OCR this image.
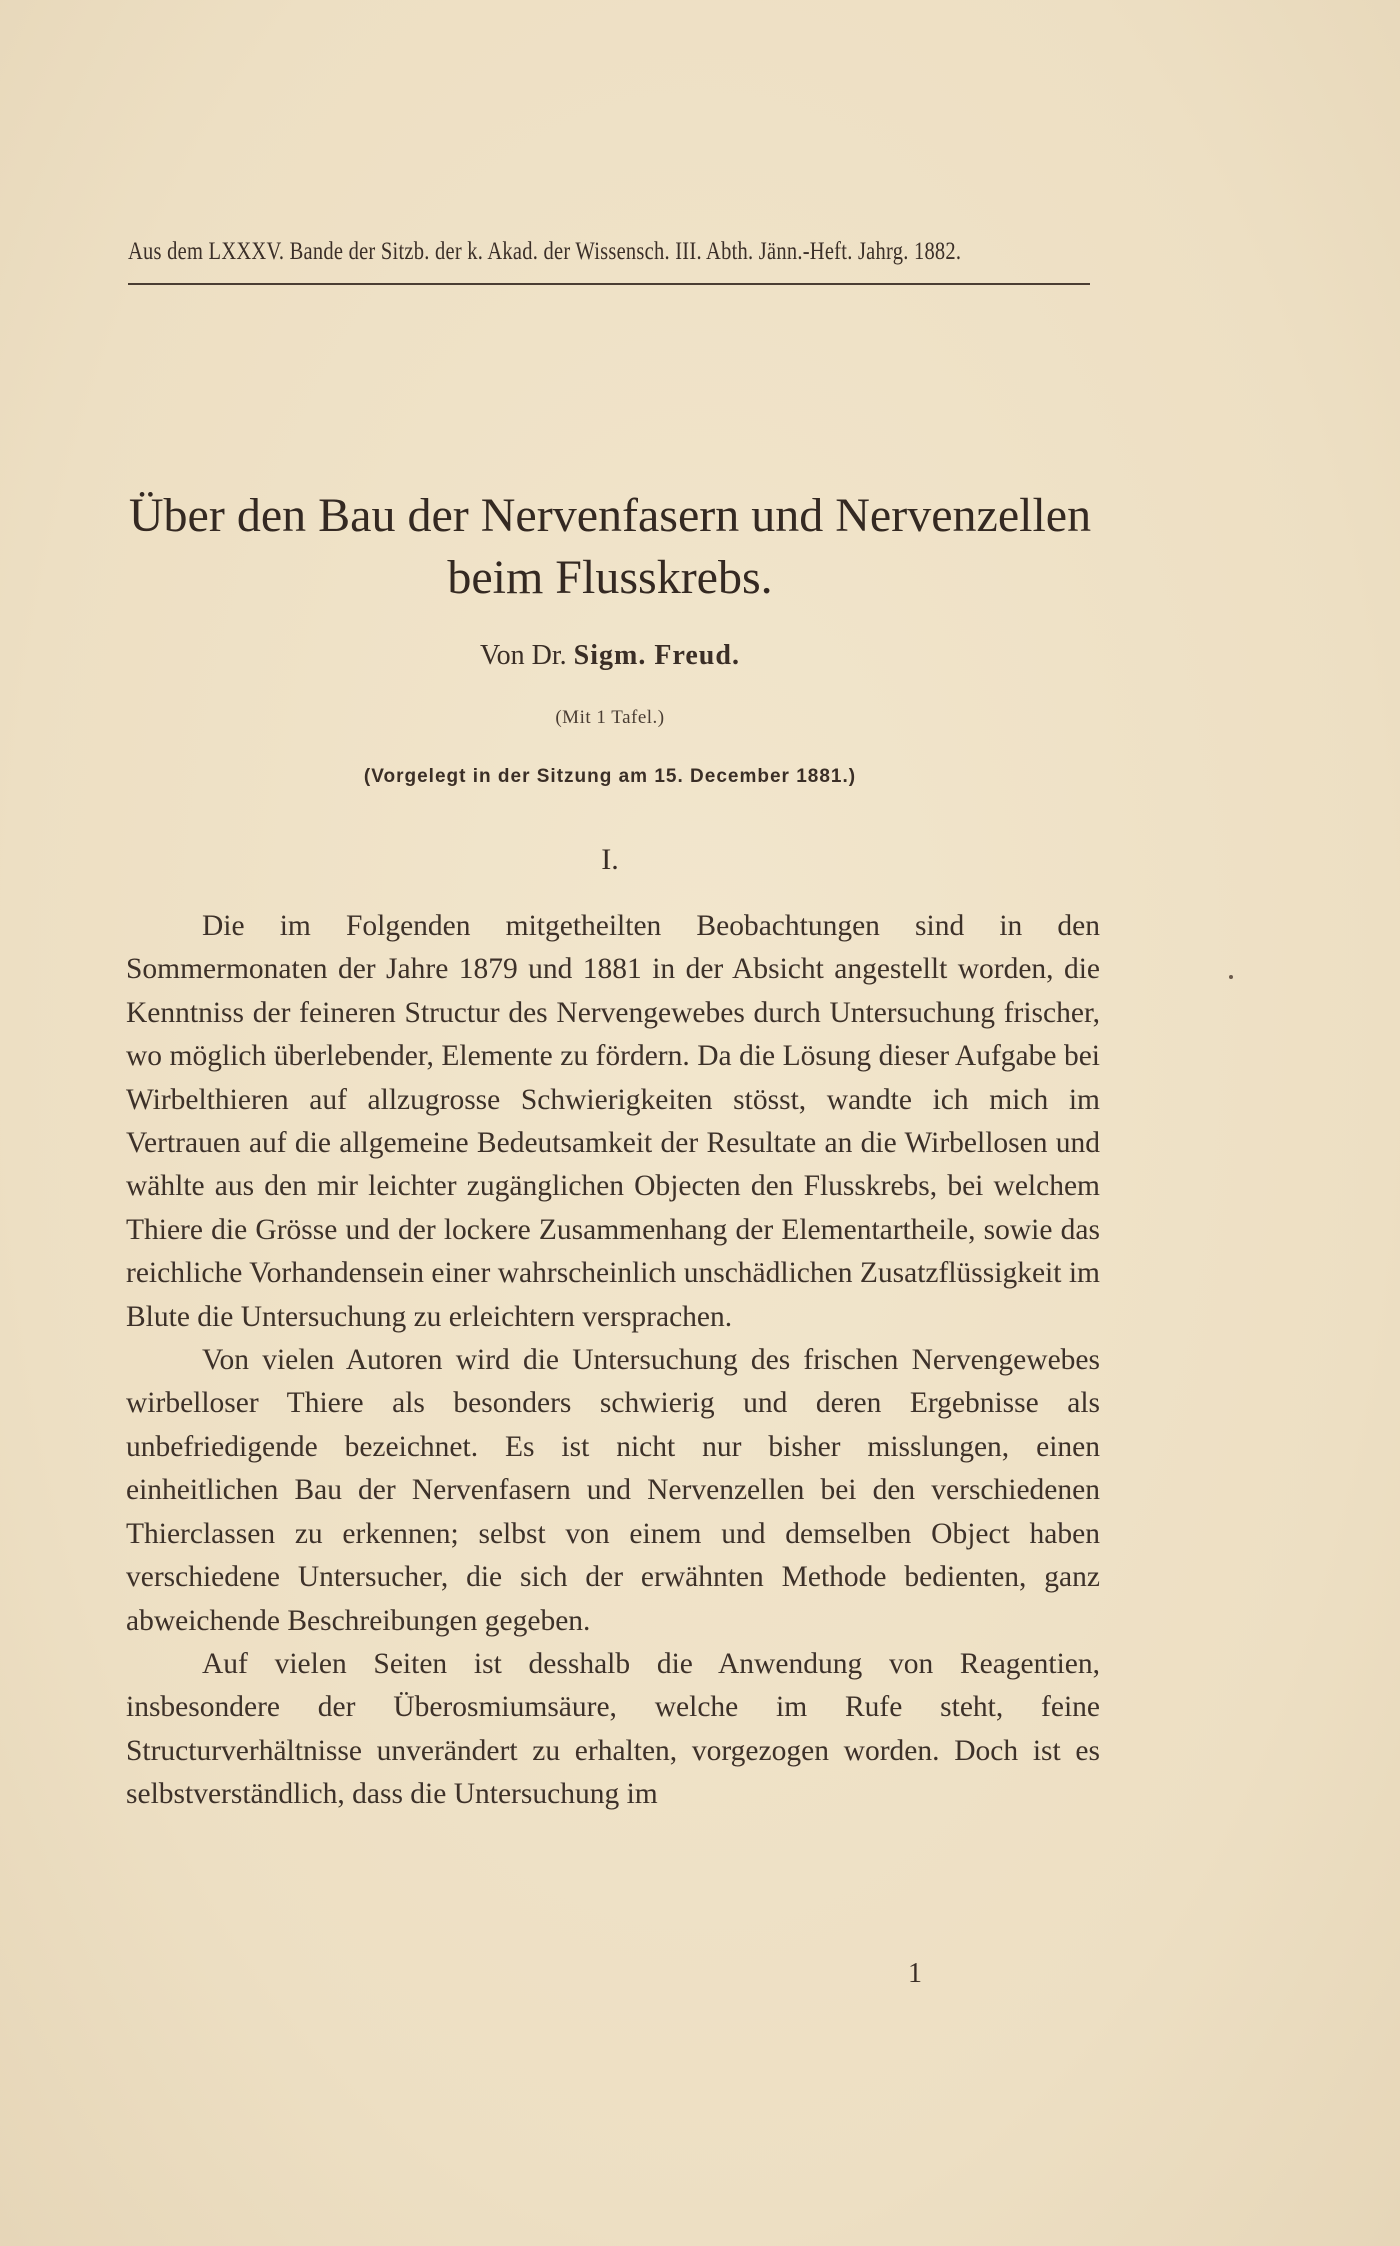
Aus dem LXXXV. Bande der Sitzb. der k. Akad. der Wissensch. III. Abth. Jänn.-Heft. Jahrg. 1882.
Über den Bau der Nervenfasern und Nervenzellen
beim Flusskrebs.
Von Dr. Sigm. Freud.
(Mit 1 Tafel.)
(Vorgelegt in der Sitzung am 15. December 1881.)
I.

Die im Folgenden mitgetheilten Beobachtungen sind in den Sommermonaten der Jahre 1879 und 1881 in der Absicht angestellt worden, die Kenntniss der feineren Structur des Nervengewebes durch Untersuchung frischer, wo möglich überlebender, Elemente zu fördern. Da die Lösung dieser Aufgabe bei Wirbelthieren auf allzugrosse Schwierigkeiten stösst, wandte ich mich im Vertrauen auf die allgemeine Bedeutsamkeit der Resultate an die Wirbellosen und wählte aus den mir leichter zugänglichen Objecten den Flusskrebs, bei welchem Thiere die Grösse und der lockere Zusammenhang der Elementartheile, sowie das reichliche Vorhandensein einer wahrscheinlich unschädlichen Zusatzflüssigkeit im Blute die Untersuchung zu erleichtern versprachen.

Von vielen Autoren wird die Untersuchung des frischen Nervengewebes wirbelloser Thiere als besonders schwierig und deren Ergebnisse als unbefriedigende bezeichnet. Es ist nicht nur bisher misslungen, einen einheitlichen Bau der Nervenfasern und Nervenzellen bei den verschiedenen Thierclassen zu erkennen; selbst von einem und demselben Object haben verschiedene Untersucher, die sich der erwähnten Methode bedienten, ganz abweichende Beschreibungen gegeben.

Auf vielen Seiten ist desshalb die Anwendung von Reagentien, insbesondere der Überosmiumsäure, welche im Rufe steht, feine Structurverhältnisse unverändert zu erhalten, vorgezogen worden. Doch ist es selbstverständlich, dass die Untersuchung im

1
